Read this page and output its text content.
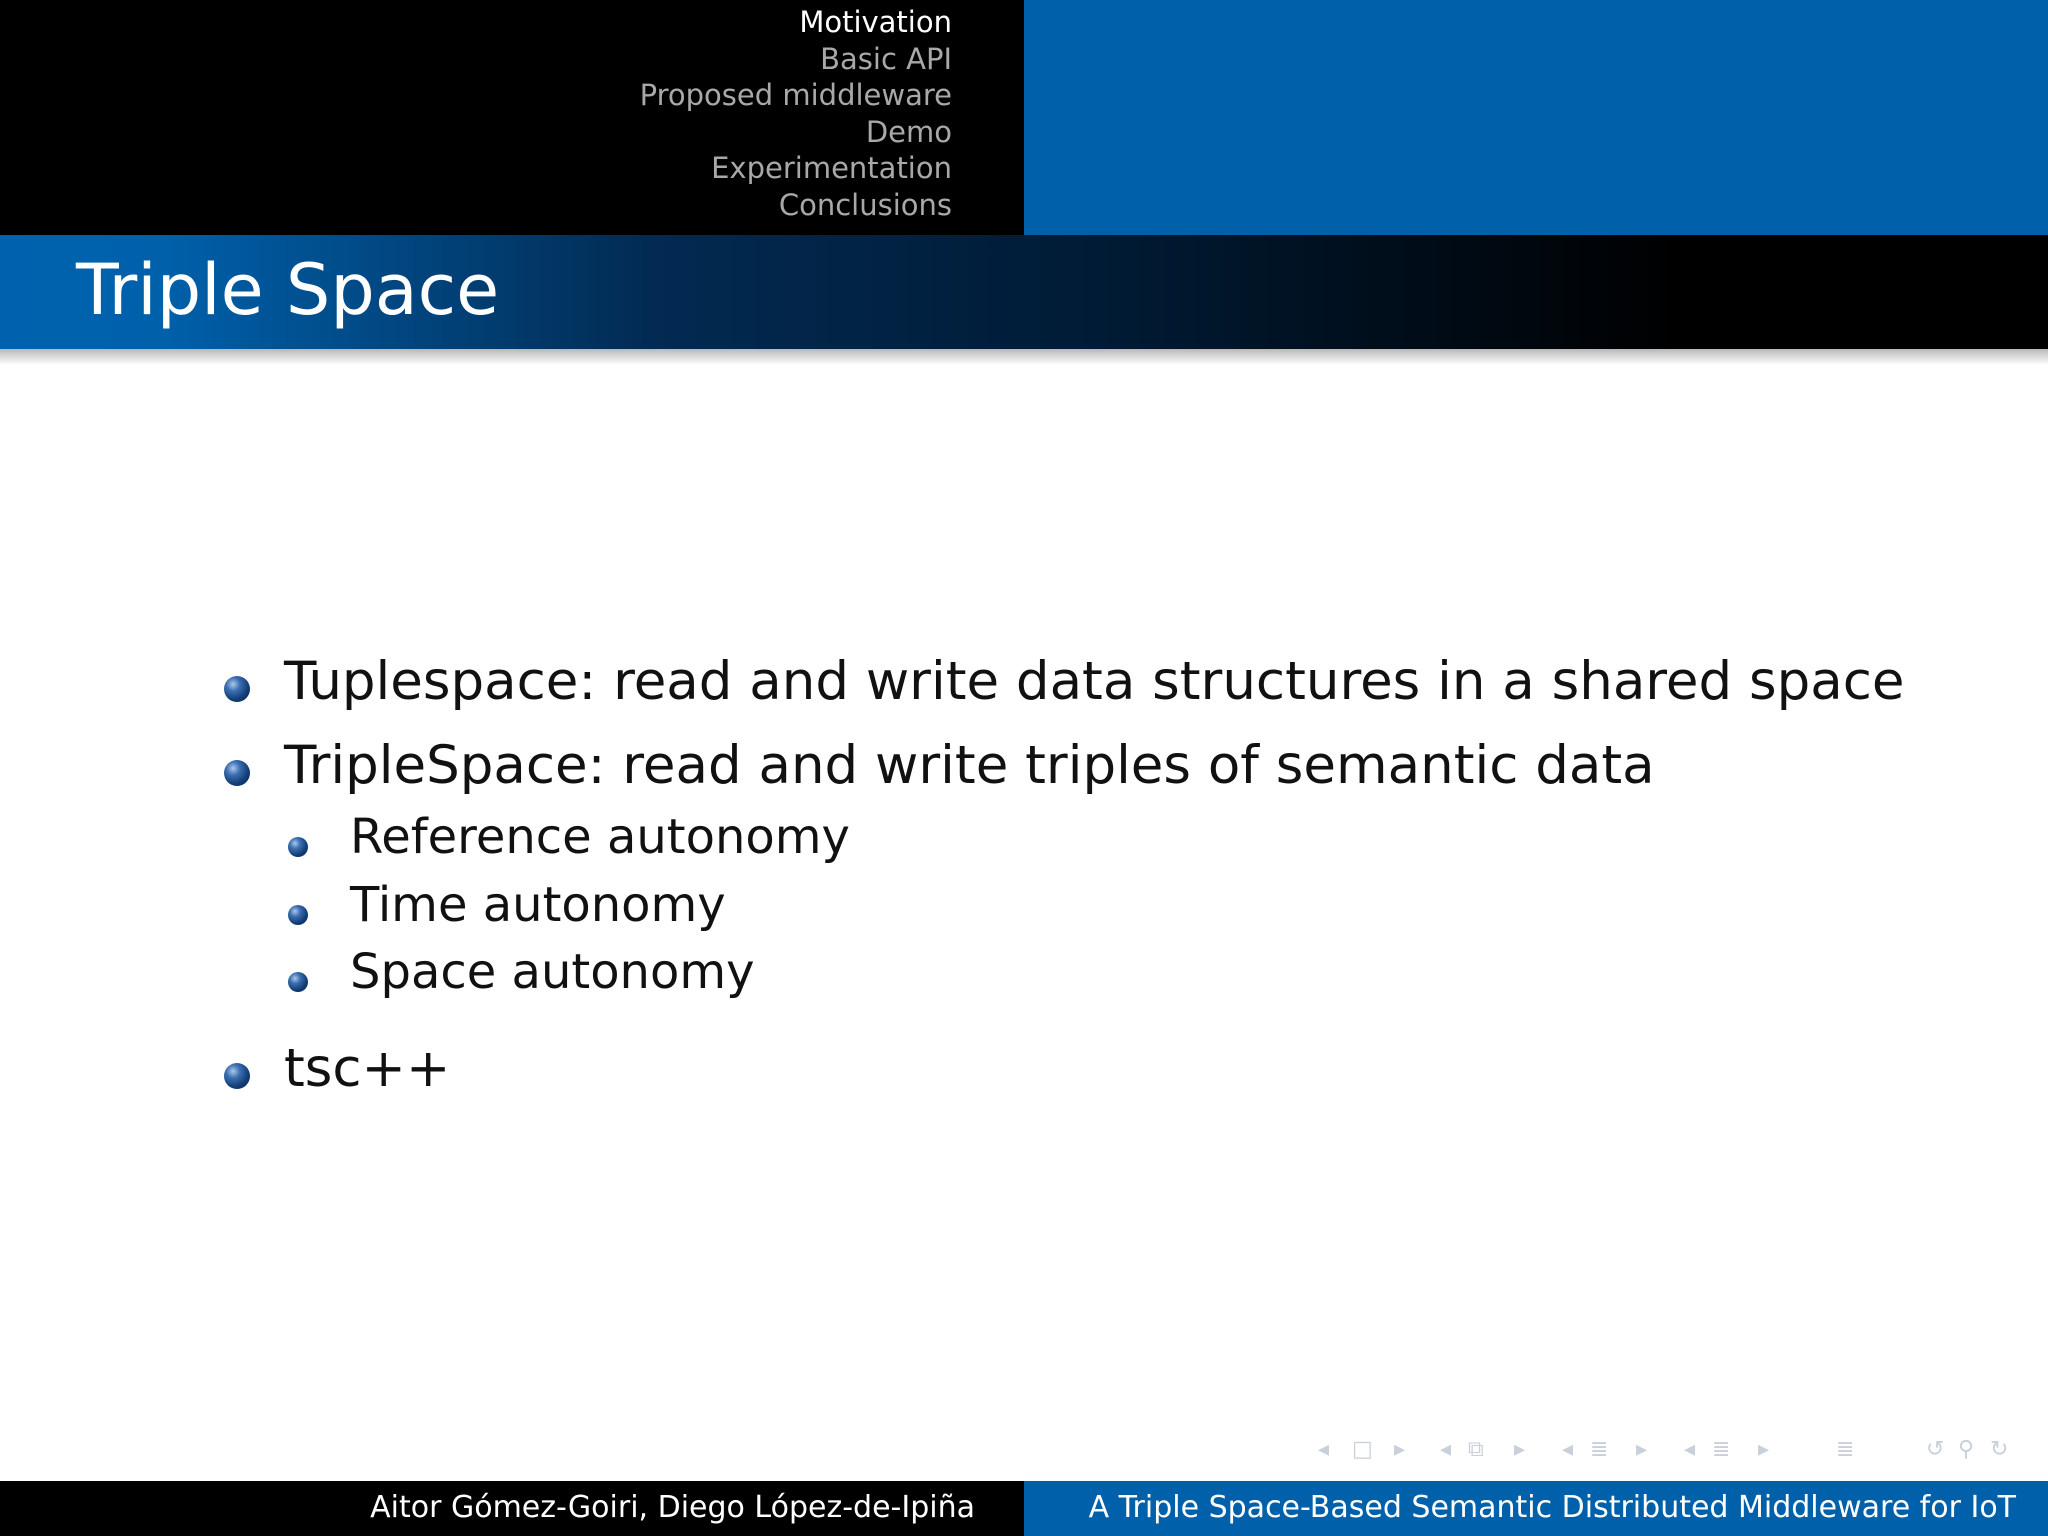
Motivation
Basic API
Proposed middleware
Demo
Experimentation
Conclusions
Triple Space
Tuplespace: read and write data structures in a shared space
TripleSpace: read and write triples of semantic data
Reference autonomy
Time autonomy
Space autonomy
tsc++
◂ □ ▸ ◂ ⧉ ▸ ◂ ≣ ▸ ◂ ≣ ▸	≣	↺ ⚲ ↻
Aitor Gómez-Goiri, Diego López-de-Ipiña	A Triple Space-Based Semantic Distributed Middleware for IoT
